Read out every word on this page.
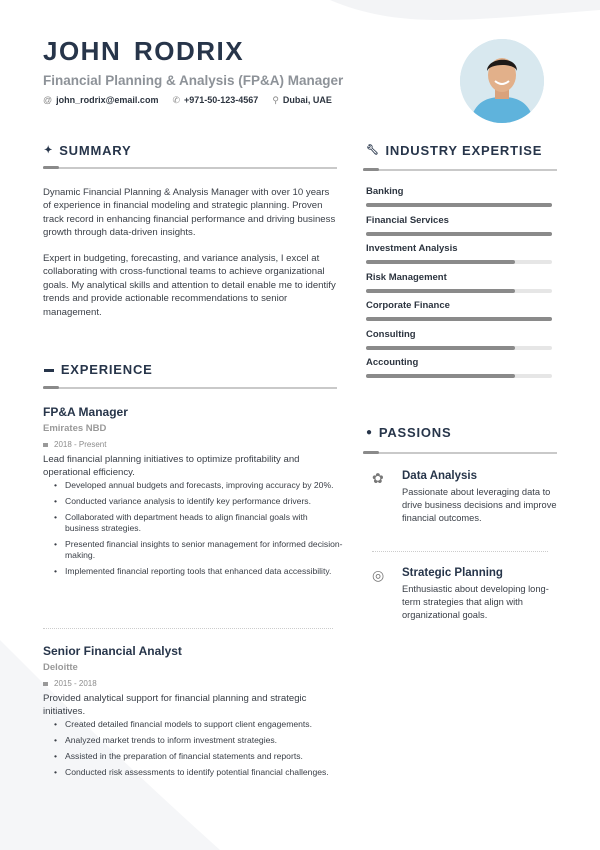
JOHN RODRIX
Financial Planning & Analysis (FP&A) Manager
@ john_rodrix@email.com ✆ +971-50-123-4567 ⚲ Dubai, UAE
✦ SUMMARY
Dynamic Financial Planning & Analysis Manager with over 10 years of experience in financial modeling and strategic planning. Proven track record in enhancing financial performance and driving business growth through data-driven insights.
Expert in budgeting, forecasting, and variance analysis, I excel at collaborating with cross-functional teams to achieve organizational goals. My analytical skills and attention to detail enable me to identify trends and provide actionable recommendations to senior management.
▬ EXPERIENCE
FP&A Manager
Emirates NBD
2018 - Present
Lead financial planning initiatives to optimize profitability and operational efficiency.
• Developed annual budgets and forecasts, improving accuracy by 20%.
• Conducted variance analysis to identify key performance drivers.
• Collaborated with department heads to align financial goals with business strategies.
• Presented financial insights to senior management for informed decision-making.
• Implemented financial reporting tools that enhanced data accessibility.
Senior Financial Analyst
Deloitte
2015 - 2018
Provided analytical support for financial planning and strategic initiatives.
• Created detailed financial models to support client engagements.
• Analyzed market trends to inform investment strategies.
• Assisted in the preparation of financial statements and reports.
• Conducted risk assessments to identify potential financial challenges.
🔧︎ INDUSTRY EXPERTISE
Banking
Financial Services
Investment Analysis
Risk Management
Corporate Finance
Consulting
Accounting
● PASSIONS
✿ Data Analysis
Passionate about leveraging data to drive business decisions and improve financial outcomes.
◎ Strategic Planning
Enthusiastic about developing long-term strategies that align with organizational goals.
